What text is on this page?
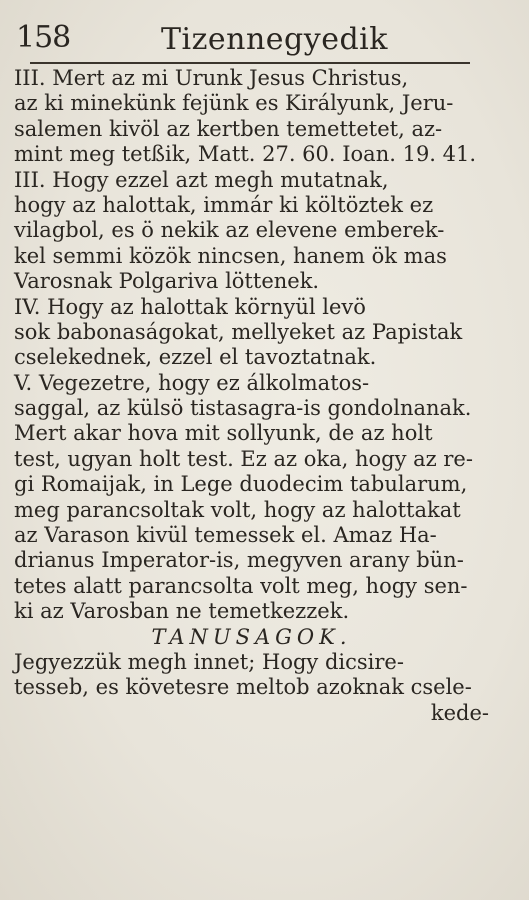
158	Tizennegyedik
III. Mert az mi Urunk Jesus Christus,
az ki minekünk fejünk es Királyunk, Jeru-
salemen kivöl az kertben temettetet, az-
mint meg tetßik, Matt. 27. 60. Ioan. 19. 41.
III. Hogy ezzel azt megh mutatnak,
hogy az halottak, immár ki költöztek ez
vilagbol, es ö nekik az elevene emberek-
kel semmi közök nincsen, hanem ök mas
Varosnak Polgariva löttenek.
IV. Hogy az halottak környül levö
sok babonaságokat, mellyeket az Papistak
cselekednek, ezzel el tavoztatnak.
V. Vegezetre, hogy ez álkolmatos-
saggal, az külsö tistasagra-is gondolnanak.
Mert akar hova mit sollyunk, de az holt
test, ugyan holt test. Ez az oka, hogy az re-
gi Romaijak, in Lege duodecim tabularum,
meg parancsoltak volt, hogy az halottakat
az Varason kivül temessek el. Amaz Ha-
drianus Imperator-is, megyven arany bün-
tetes alatt parancsolta volt meg, hogy sen-
ki az Varosban ne temetkezzek.
TANUSAGOK.
Jegyezzük megh innet; Hogy dicsire-
tesseb, es követesre meltob azoknak csele-
kede-
